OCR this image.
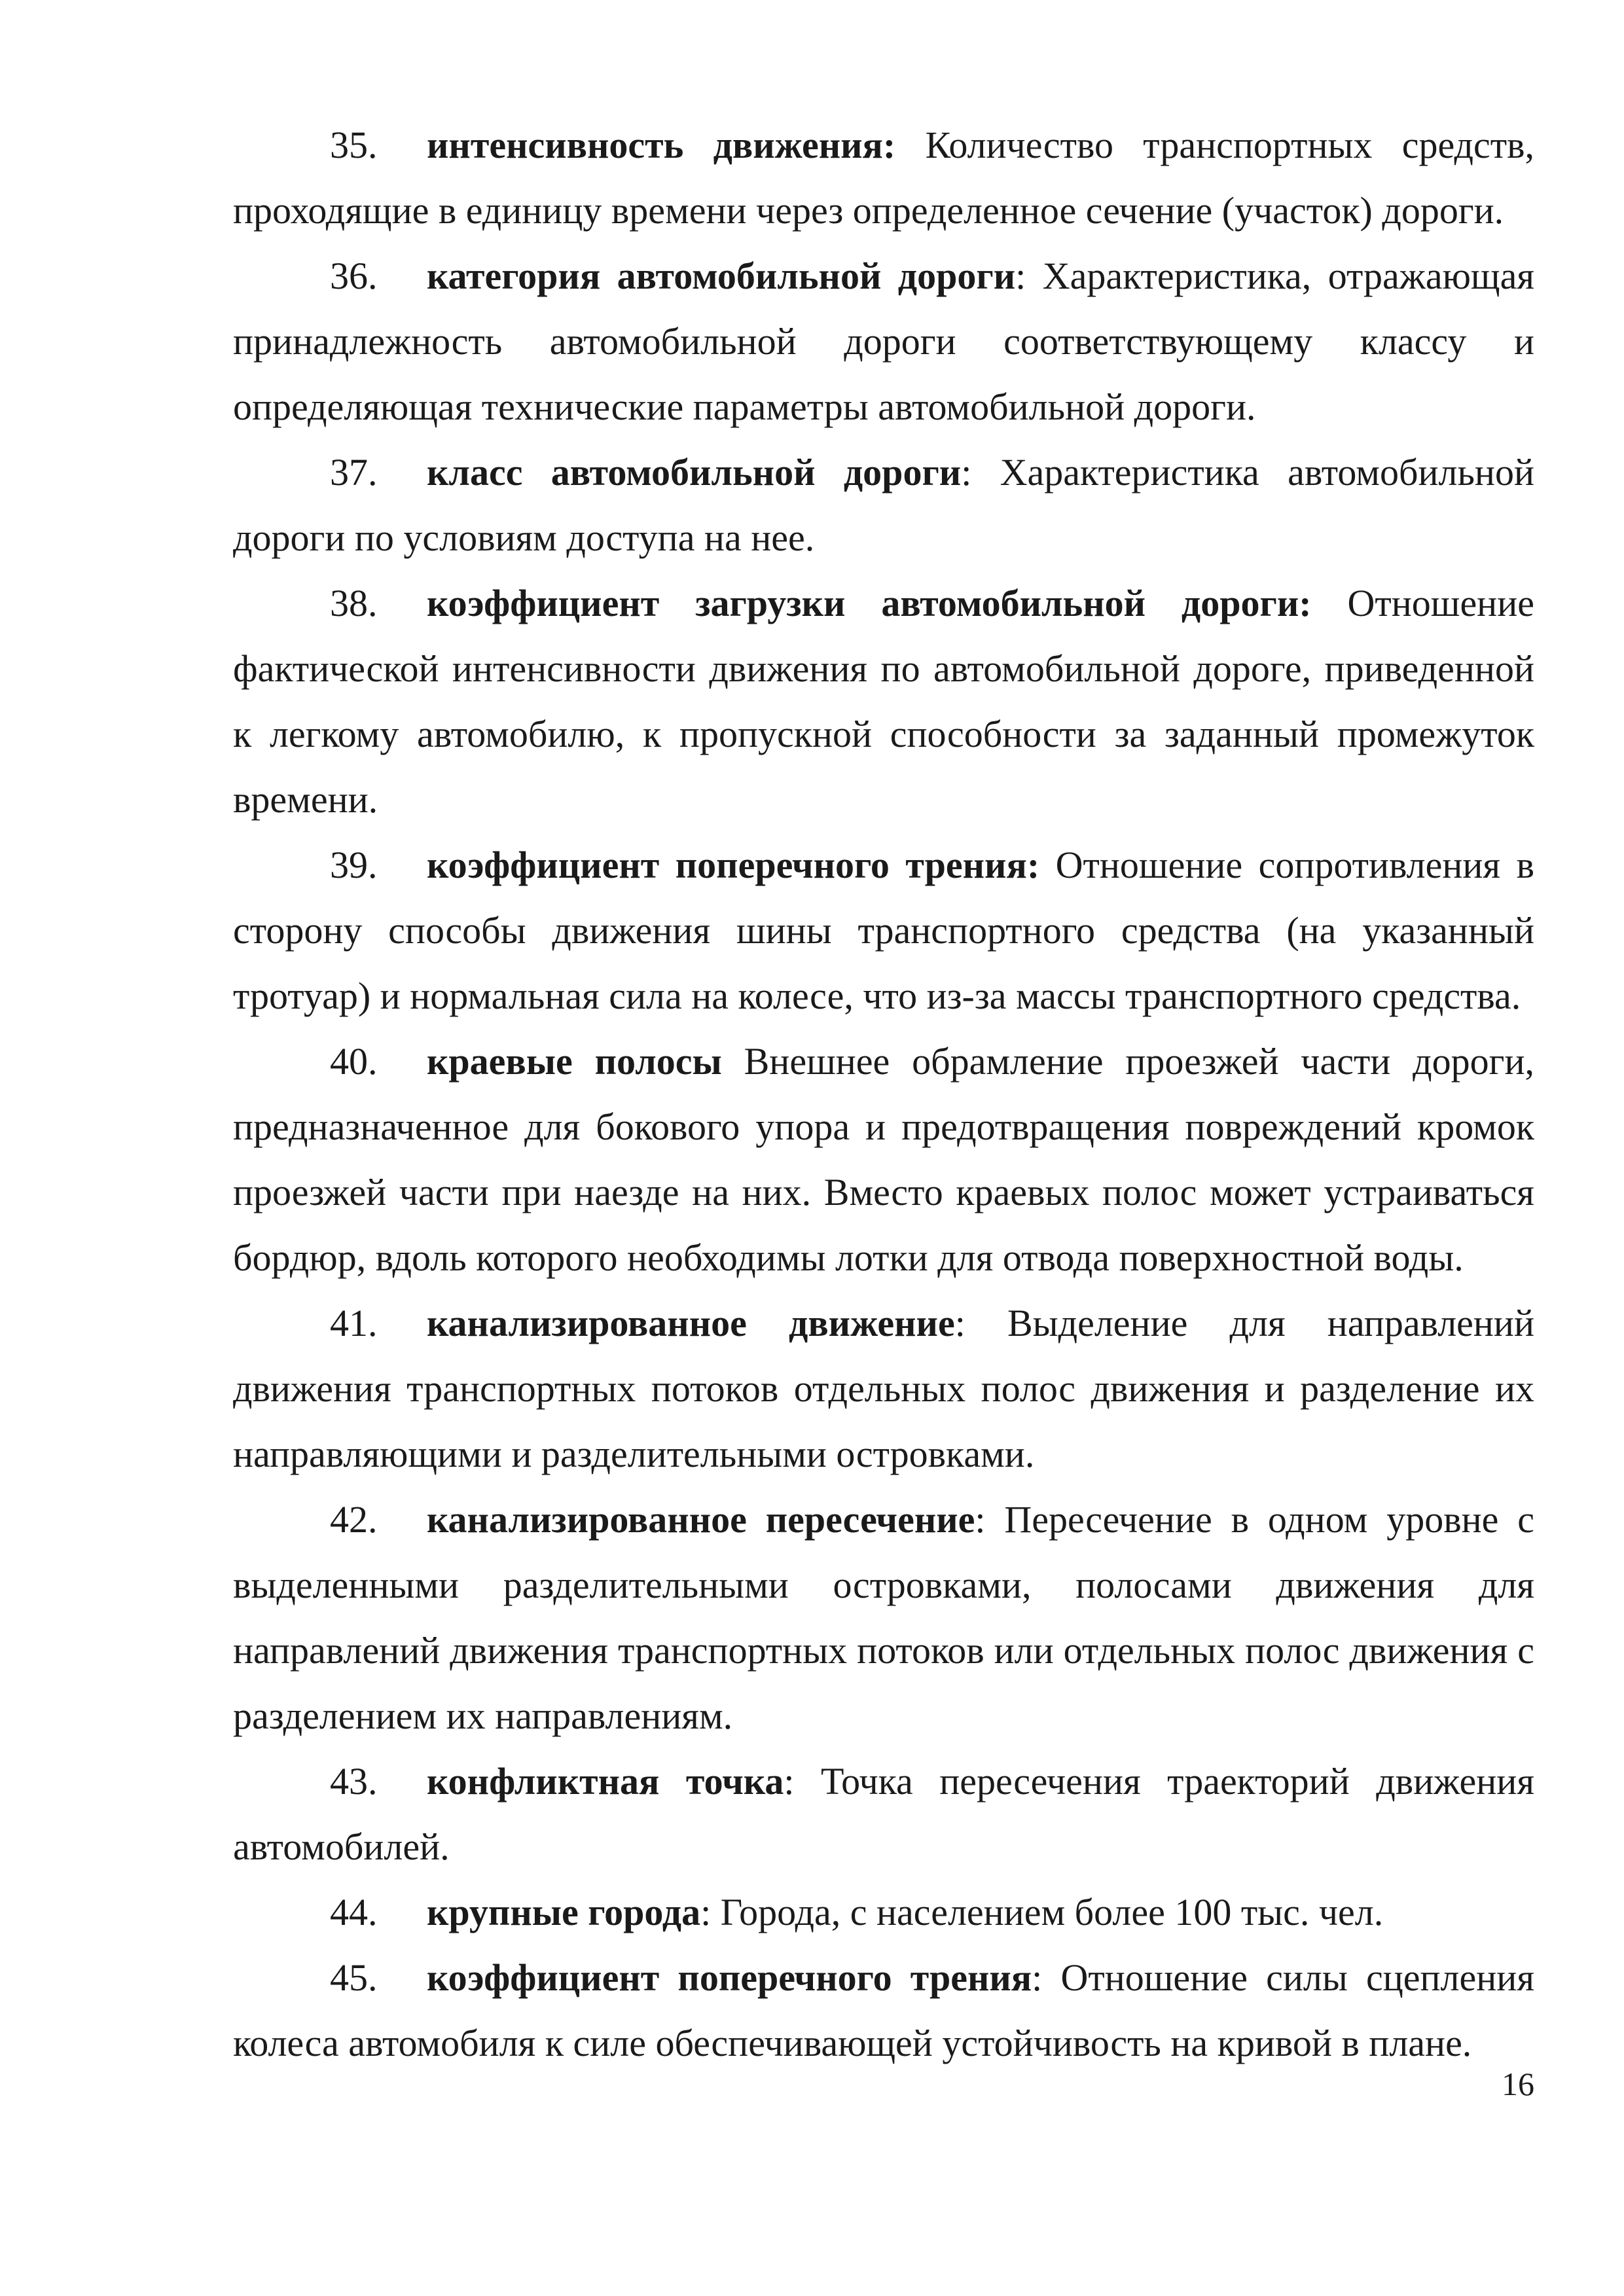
35. интенсивность движения: Количество транспортных средств, проходящие в единицу времени через определенное сечение (участок) дороги.

36. категория автомобильной дороги: Характеристика, отражающая принадлежность автомобильной дороги соответствующему классу и определяющая технические параметры автомобильной дороги.

37. класс автомобильной дороги: Характеристика автомобильной дороги по условиям доступа на нее.

38. коэффициент загрузки автомобильной дороги: Отношение фактической интенсивности движения по автомобильной дороге, приведенной к легкому автомобилю, к пропускной способности за заданный промежуток времени.

39. коэффициент поперечного трения: Отношение сопротивления в сторону способы движения шины транспортного средства (на указанный тротуар) и нормальная сила на колесе, что из-за массы транспортного средства.

40. краевые полосы Внешнее обрамление проезжей части дороги, предназначенное для бокового упора и предотвращения повреждений кромок проезжей части при наезде на них. Вместо краевых полос может устраиваться бордюр, вдоль которого необходимы лотки для отвода поверхностной воды.

41. канализированное движение: Выделение для направлений движения транспортных потоков отдельных полос движения и разделение их направляющими и разделительными островками.

42. канализированное пересечение: Пересечение в одном уровне с выделенными разделительными островками, полосами движения для направлений движения транспортных потоков или отдельных полос движения с разделением их направлениям.

43. конфликтная точка: Точка пересечения траекторий движения автомобилей.

44. крупные города: Города, с населением более 100 тыс. чел.

45. коэффициент поперечного трения: Отношение силы сцепления колеса автомобиля к силе обеспечивающей устойчивость на кривой в плане.

16
